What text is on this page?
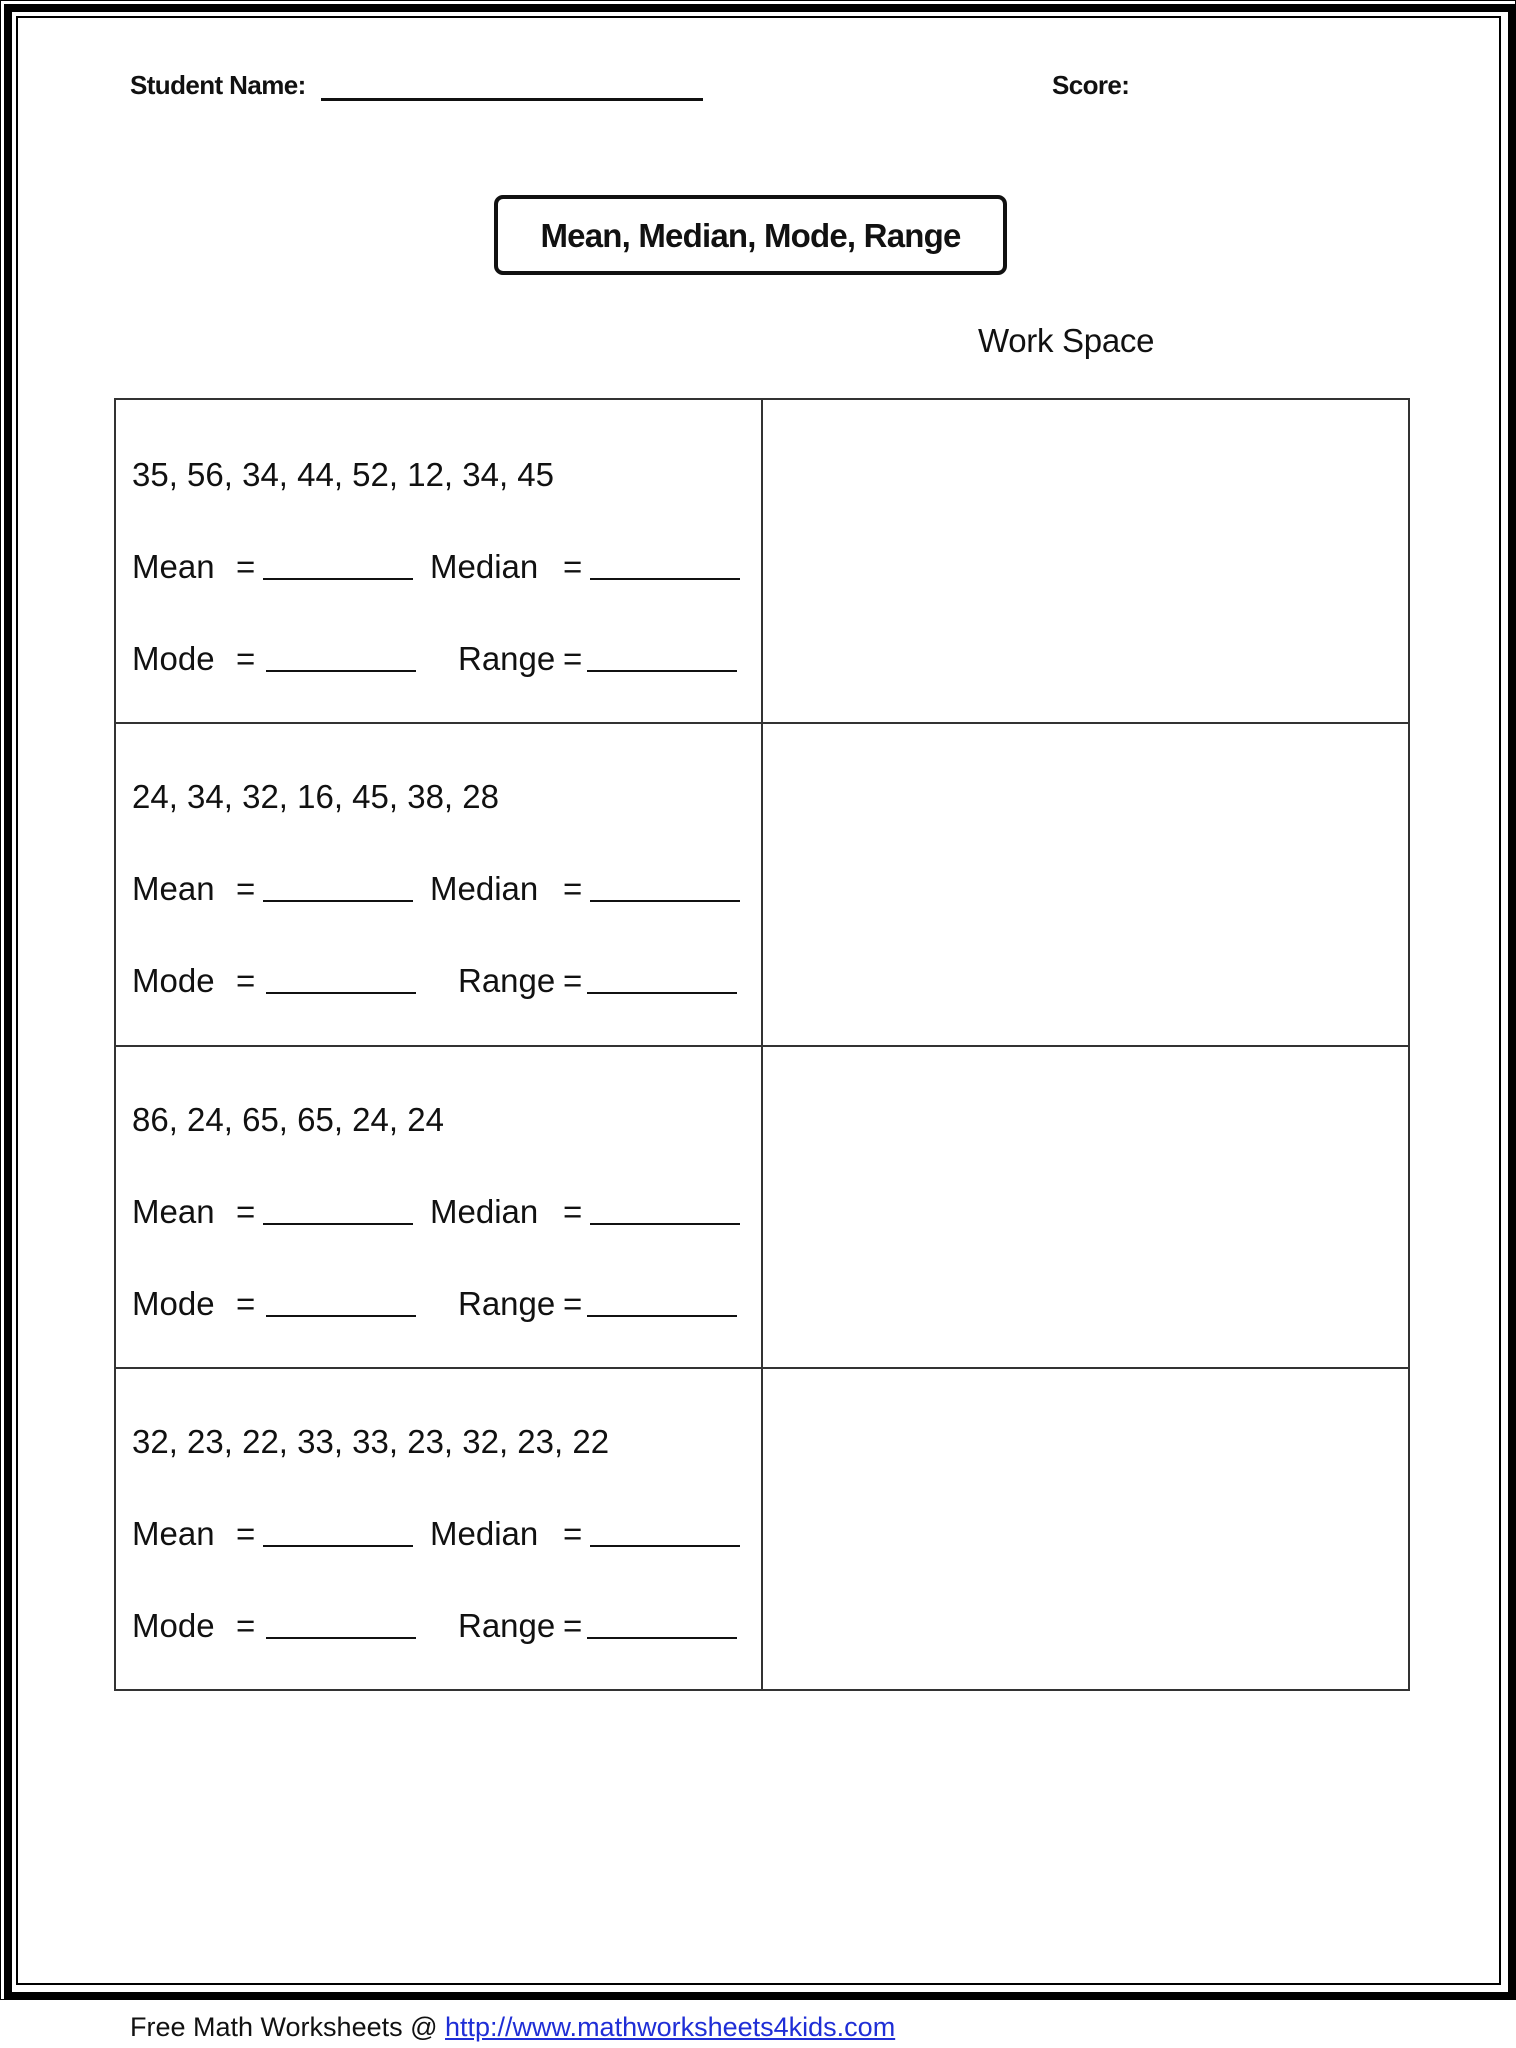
Student Name:	Score:
Mean, Median, Mode, Range
Work Space
35, 56, 34, 44, 52, 12, 34, 45
Mean =	Median =
Mode =	Range =
24, 34, 32, 16, 45, 38, 28
Mean =	Median =
Mode =	Range =
86, 24, 65, 65, 24, 24
Mean =	Median =
Mode =	Range =
32, 23, 22, 33, 33, 23, 32, 23, 22
Mean =	Median =
Mode =	Range =
Free Math Worksheets @ http://www.mathworksheets4kids.com
